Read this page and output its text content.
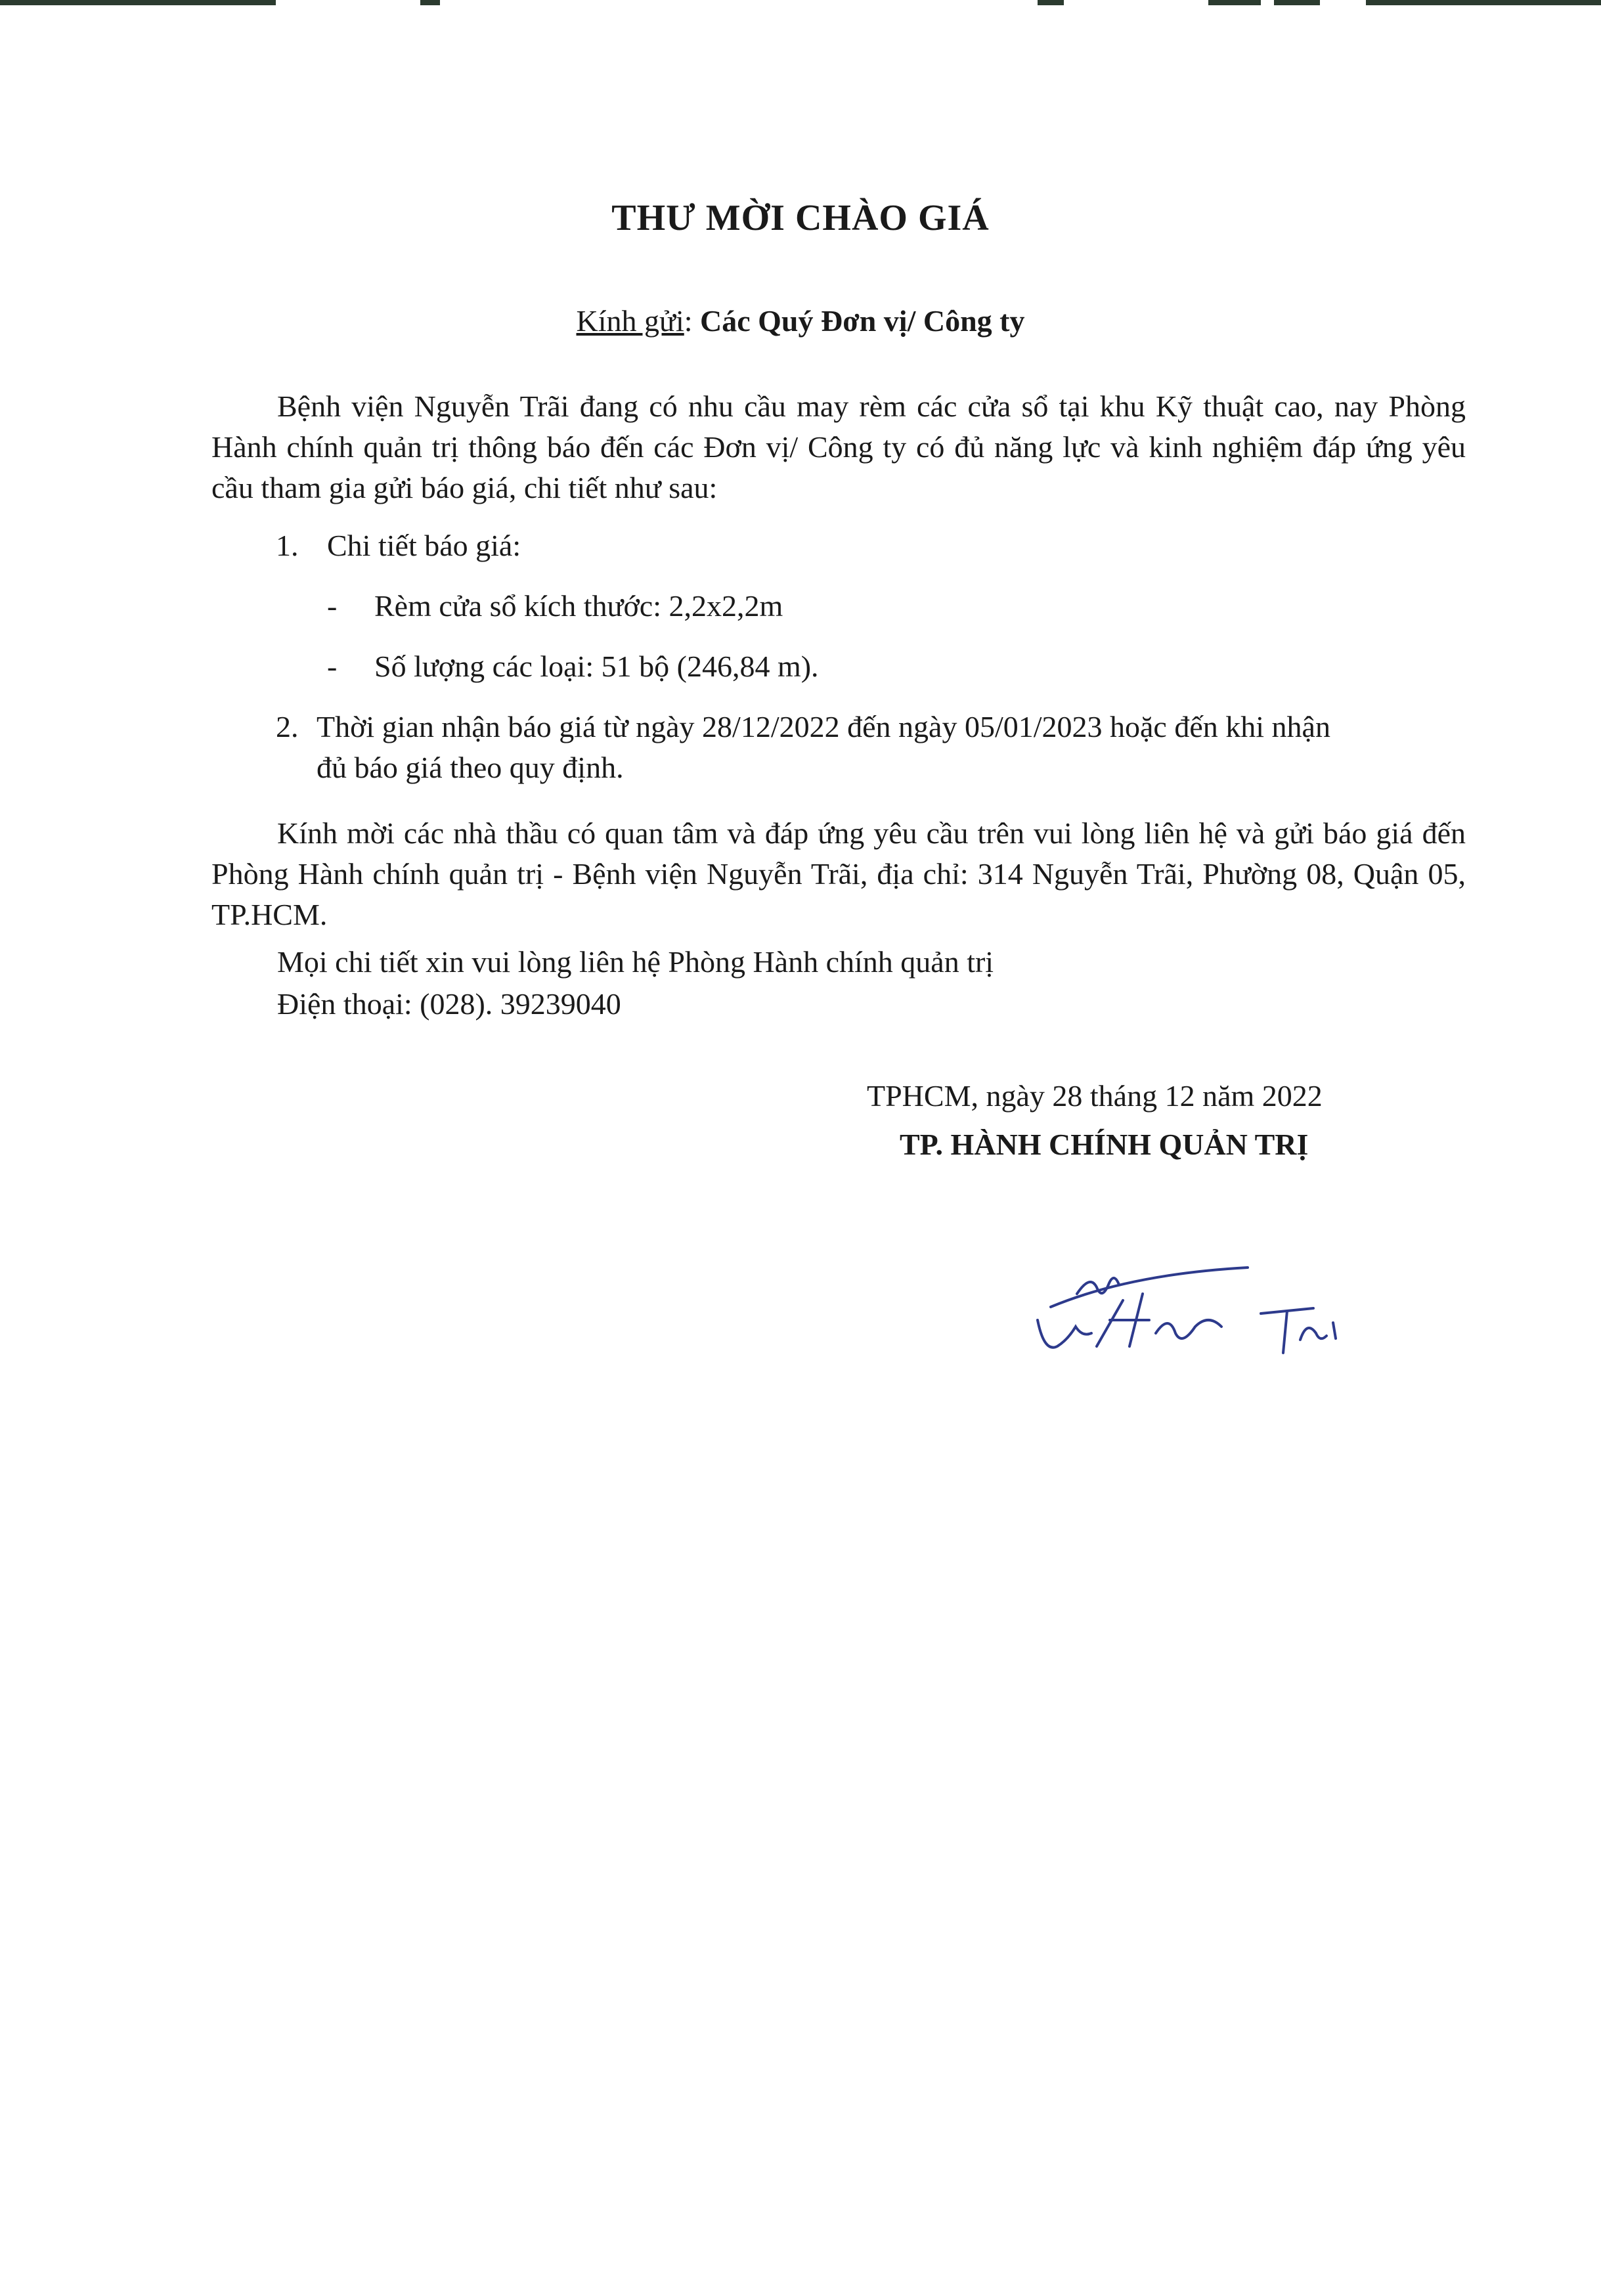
THƯ MỜI CHÀO GIÁ
Kính gửi: Các Quý Đơn vị/ Công ty
Bệnh viện Nguyễn Trãi đang có nhu cầu may rèm các cửa sổ tại khu Kỹ thuật cao, nay Phòng Hành chính quản trị thông báo đến các Đơn vị/ Công ty có đủ năng lực và kinh nghiệm đáp ứng yêu cầu tham gia gửi báo giá, chi tiết như sau:
1. Chi tiết báo giá:
- Rèm cửa sổ kích thước: 2,2x2,2m
- Số lượng các loại: 51 bộ (246,84 m).
2. Thời gian nhận báo giá từ ngày 28/12/2022 đến ngày 05/01/2023 hoặc đến khi nhận
đủ báo giá theo quy định.
Kính mời các nhà thầu có quan tâm và đáp ứng yêu cầu trên vui lòng liên hệ và gửi báo giá đến Phòng Hành chính quản trị - Bệnh viện Nguyễn Trãi, địa chỉ: 314 Nguyễn Trãi, Phường 08, Quận 05, TP.HCM.
Mọi chi tiết xin vui lòng liên hệ Phòng Hành chính quản trị
Điện thoại: (028). 39239040
TPHCM, ngày 28 tháng 12 năm 2022
TP. HÀNH CHÍNH QUẢN TRỊ
